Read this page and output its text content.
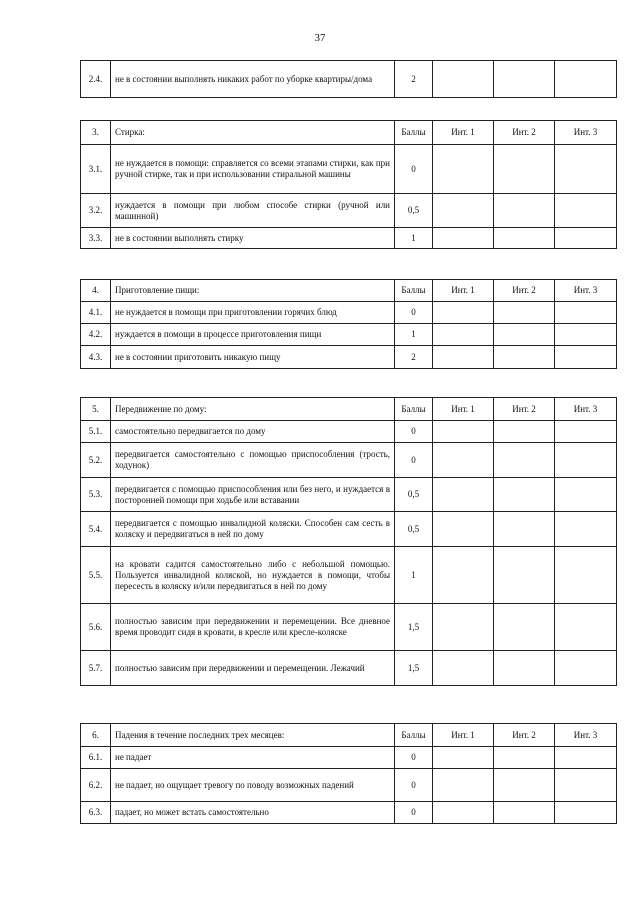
37
2.4.	не в состоянии выполнять никаких работ по уборке квартиры/дома	2			
3.	Стирка:	Баллы	Инт. 1	Инт. 2	Инт. 3
3.1.	не нуждается в помощи: справляется со всеми этапами стирки, как при ручной стирке, так и при использовании стиральной машины	0			
3.2.	нуждается в помощи при любом способе стирки (ручной или машинной)	0,5			
3.3.	не в состоянии выполнять стирку	1			
4.	Приготовление пищи:	Баллы	Инт. 1	Инт. 2	Инт. 3
4.1.	не нуждается в помощи при приготовлении горячих блюд	0			
4.2.	нуждается в помощи в процессе приготовления пищи	1			
4.3.	не в состоянии приготовить никакую пищу	2			
5.	Передвижение по дому:	Баллы	Инт. 1	Инт. 2	Инт. 3
5.1.	самостоятельно передвигается по дому	0			
5.2.	передвигается самостоятельно с помощью приспособления (трость, ходунок)	0			
5.3.	передвигается с помощью приспособления или без него, и нуждается в посторонней помощи при ходьбе или вставании	0,5			
5.4.	передвигается с помощью инвалидной коляски. Способен сам сесть в коляску и передвигаться в ней по дому	0,5			
5.5.	на кровати садится самостоятельно либо с небольшой помощью. Пользуется инвалидной коляской, но нуждается в помощи, чтобы пересесть в коляску и/или передвигаться в ней по дому	1			
5.6.	полностью зависим при передвижении и перемещении. Все дневное время проводит сидя в кровати, в кресле или кресле-коляске	1,5			
5.7.	полностью зависим при передвижении и перемещении. Лежачий	1,5			
6.	Падения в течение последних трех месяцев:	Баллы	Инт. 1	Инт. 2	Инт. 3
6.1.	не падает	0			
6.2.	не падает, но ощущает тревогу по поводу возможных падений	0			
6.3.	падает, но может встать самостоятельно	0			
